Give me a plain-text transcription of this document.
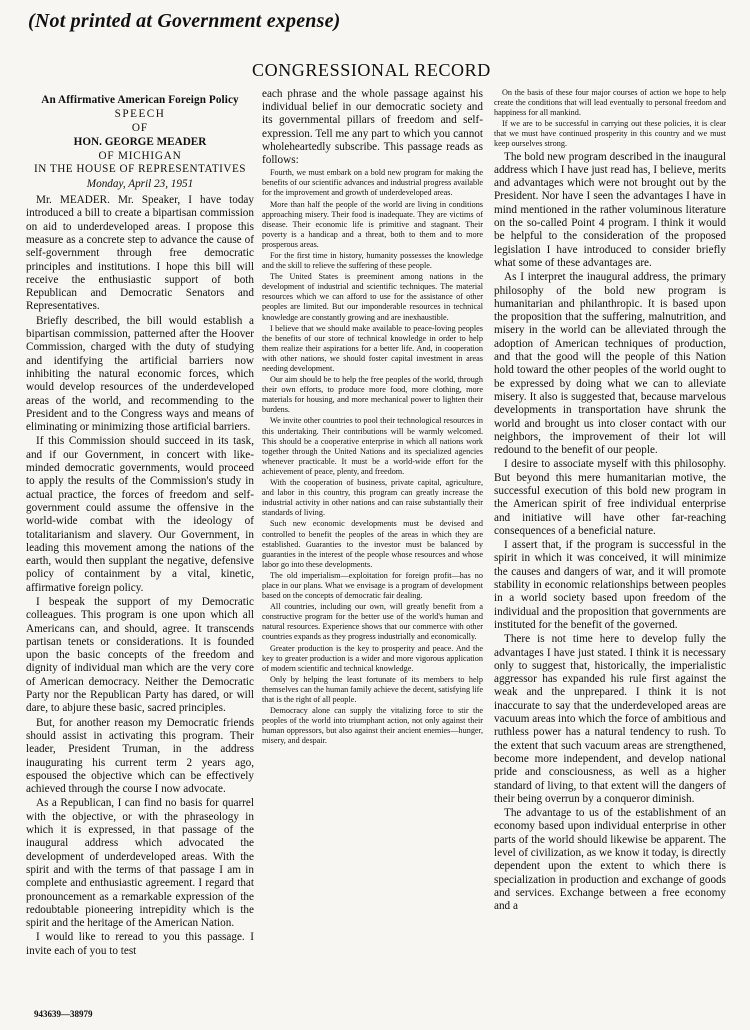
(Not printed at Government expense)
CONGRESSIONAL RECORD

An Affirmative American Foreign Policy

SPEECH

OF

HON. GEORGE MEADER

OF MICHIGAN

IN THE HOUSE OF REPRESENTATIVES

Monday, April 23, 1951

Mr. MEADER. Mr. Speaker, I have today introduced a bill to create a bipartisan commission on aid to underdeveloped areas. I propose this measure as a concrete step to advance the cause of self-government through free democratic principles and institutions. I hope this bill will receive the enthusiastic support of both Republican and Democratic Senators and Representatives.

Briefly described, the bill would establish a bipartisan commission, patterned after the Hoover Commission, charged with the duty of studying and identifying the artificial barriers now inhibiting the natural economic forces, which would develop resources of the underdeveloped areas of the world, and recommending to the President and to the Congress ways and means of eliminating or minimizing those artificial barriers.

If this Commission should succeed in its task, and if our Government, in concert with like-minded democratic governments, would proceed to apply the results of the Commission's study in actual practice, the forces of freedom and self-government could assume the offensive in the world-wide combat with the ideology of totalitarianism and slavery. Our Government, in leading this movement among the nations of the earth, would then supplant the negative, defensive policy of containment by a vital, kinetic, affirmative foreign policy.

I bespeak the support of my Democratic colleagues. This program is one upon which all Americans can, and should, agree. It transcends partisan tenets or considerations. It is founded upon the basic concepts of the freedom and dignity of individual man which are the very core of American democracy. Neither the Democratic Party nor the Republican Party has dared, or will dare, to abjure these basic, sacred principles.

But, for another reason my Democratic friends should assist in activating this program. Their leader, President Truman, in the address inaugurating his current term 2 years ago, espoused the objective which can be effectively achieved through the course I now advocate.

As a Republican, I can find no basis for quarrel with the objective, or with the phraseology in which it is expressed, in that passage of the inaugural address which advocated the development of underdeveloped areas. With the spirit and with the terms of that passage I am in complete and enthusiastic agreement. I regard that pronouncement as a remarkable expression of the redoubtable pioneering intrepidity which is the spirit and the heritage of the American Nation.

I would like to reread to you this passage. I invite each of you to test

each phrase and the whole passage against his individual belief in our democratic society and its governmental pillars of freedom and self-expression. Tell me any part to which you cannot wholeheartedly subscribe. This passage reads as follows:

Fourth, we must embark on a bold new program for making the benefits of our scientific advances and industrial progress available for the improvement and growth of underdeveloped areas.

More than half the people of the world are living in conditions approaching misery. Their food is inadequate. They are victims of disease. Their economic life is primitive and stagnant. Their poverty is a handicap and a threat, both to them and to more prosperous areas.

For the first time in history, humanity possesses the knowledge and the skill to relieve the suffering of these people.

The United States is preeminent among nations in the development of industrial and scientific techniques. The material resources which we can afford to use for the assistance of other peoples are limited. But our imponderable resources in technical knowledge are constantly growing and are inexhaustible.

I believe that we should make available to peace-loving peoples the benefits of our store of technical knowledge in order to help them realize their aspirations for a better life. And, in cooperation with other nations, we should foster capital investment in areas needing development.

Our aim should be to help the free peoples of the world, through their own efforts, to produce more food, more clothing, more materials for housing, and more mechanical power to lighten their burdens.

We invite other countries to pool their technological resources in this undertaking. Their contributions will be warmly welcomed. This should be a cooperative enterprise in which all nations work together through the United Nations and its specialized agencies whenever practicable. It must be a world-wide effort for the achievement of peace, plenty, and freedom.

With the cooperation of business, private capital, agriculture, and labor in this country, this program can greatly increase the industrial activity in other nations and can raise substantially their standards of living.

Such new economic developments must be devised and controlled to benefit the peoples of the areas in which they are established. Guaranties to the investor must be balanced by guaranties in the interest of the people whose resources and whose labor go into these developments.

The old imperialism—exploitation for foreign profit—has no place in our plans. What we envisage is a program of development based on the concepts of democratic fair dealing.

All countries, including our own, will greatly benefit from a constructive program for the better use of the world's human and natural resources. Experience shows that our commerce with other countries expands as they progress industrially and economically.

Greater production is the key to prosperity and peace. And the key to greater production is a wider and more vigorous application of modern scientific and technical knowledge.

Only by helping the least fortunate of its members to help themselves can the human family achieve the decent, satisfying life that is the right of all people.

Democracy alone can supply the vitalizing force to stir the peoples of the world into triumphant action, not only against their human oppressors, but also against their ancient enemies—hunger, misery, and despair.

On the basis of these four major courses of action we hope to help create the conditions that will lead eventually to personal freedom and happiness for all mankind.

If we are to be successful in carrying out these policies, it is clear that we must have continued prosperity in this country and we must keep ourselves strong.

The bold new program described in the inaugural address which I have just read has, I believe, merits and advantages which were not brought out by the President. Nor have I seen the advantages I have in mind mentioned in the rather voluminous literature on the so-called Point 4 program. I think it would be helpful to the consideration of the proposed legislation I have introduced to consider briefly what some of these advantages are.

As I interpret the inaugural address, the primary philosophy of the bold new program is humanitarian and philanthropic. It is based upon the proposition that the suffering, malnutrition, and misery in the world can be alleviated through the adoption of American techniques of production, and that the good will the people of this Nation hold toward the other peoples of the world ought to be expressed by doing what we can to alleviate misery. It also is suggested that, because marvelous developments in transportation have shrunk the world and brought us into closer contact with our neighbors, the improvement of their lot will redound to the benefit of our people.

I desire to associate myself with this philosophy. But beyond this mere humanitarian motive, the successful execution of this bold new program in the American spirit of free individual enterprise and initiative will have other far-reaching consequences of a beneficial nature.

I assert that, if the program is successful in the spirit in which it was conceived, it will minimize the causes and dangers of war, and it will promote stability in economic relationships between peoples in a world society based upon freedom of the individual and the proposition that governments are instituted for the benefit of the governed.

There is not time here to develop fully the advantages I have just stated. I think it is necessary only to suggest that, historically, the imperialistic aggressor has expanded his rule first against the weak and the unprepared. I think it is not inaccurate to say that the underdeveloped areas are vacuum areas into which the force of ambitious and ruthless power has a natural tendency to rush. To the extent that such vacuum areas are strengthened, become more independent, and develop national pride and consciousness, as well as a higher standard of living, to that extent will the dangers of their being overrun by a conqueror diminish.

The advantage to us of the establishment of an economy based upon individual enterprise in other parts of the world should likewise be apparent. The level of civilization, as we know it today, is directly dependent upon the extent to which there is specialization in production and exchange of goods and services. Exchange between a free economy and a

943639—38979
